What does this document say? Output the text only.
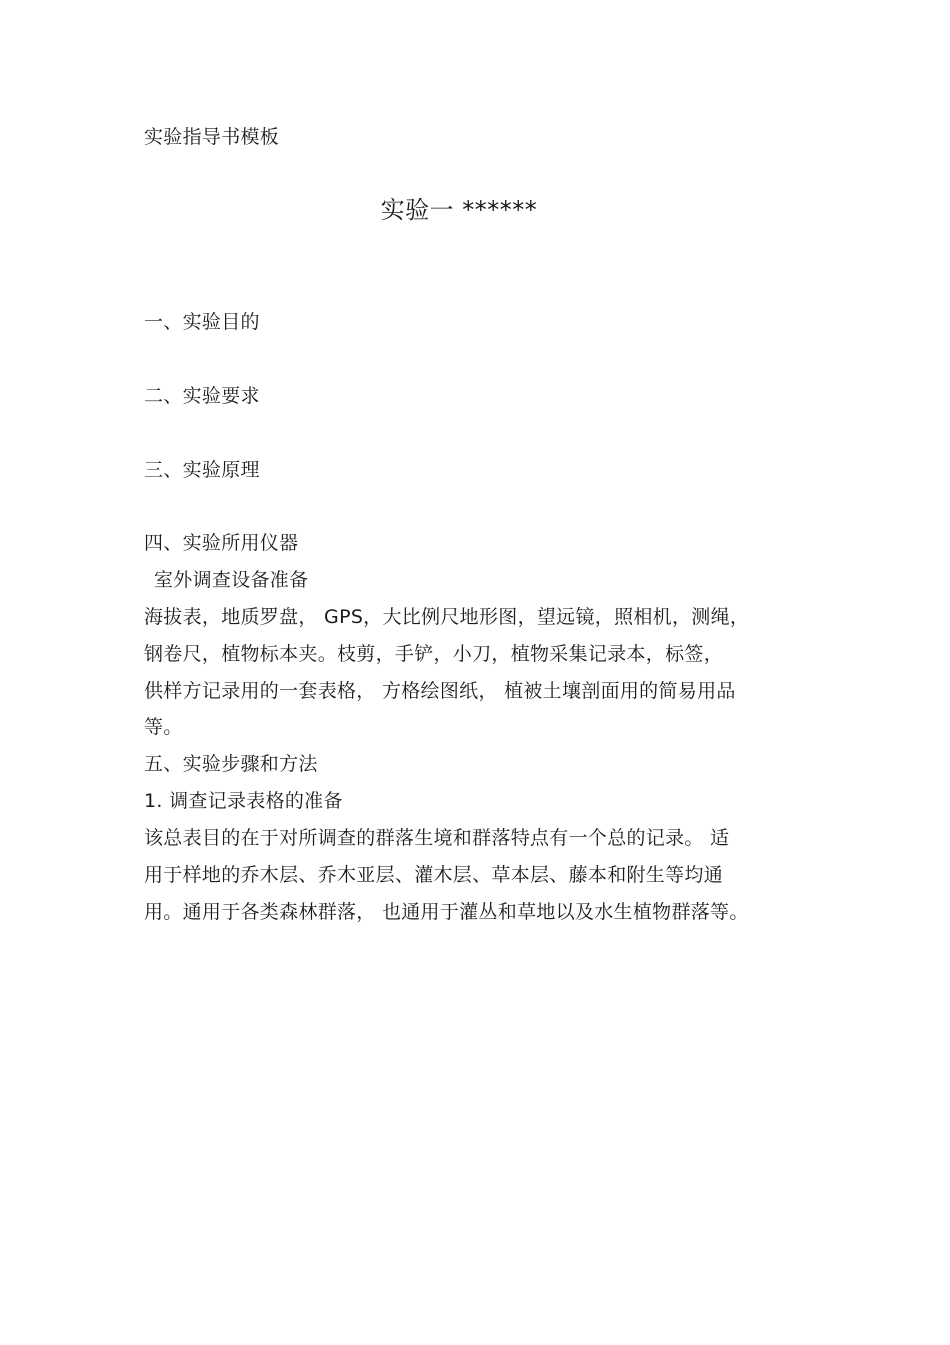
实验指导书模板
实验一 ******
一、实验目的
二、实验要求
三、实验原理
四、实验所用仪器
室外调查设备准备
海拔表，地质罗盘， GPS，大比例尺地形图，望远镜，照相机，测绳，
钢卷尺，植物标本夹。枝剪，手铲，小刀，植物采集记录本，标签，
供样方记录用的一套表格， 方格绘图纸， 植被土壤剖面用的简易用品
等。
五、实验步骤和方法
1. 调查记录表格的准备
该总表目的在于对所调查的群落生境和群落特点有一个总的记录。 适
用于样地的乔木层、乔木亚层、灌木层、草本层、藤本和附生等均通
用。通用于各类森林群落， 也通用于灌丛和草地以及水生植物群落等。
